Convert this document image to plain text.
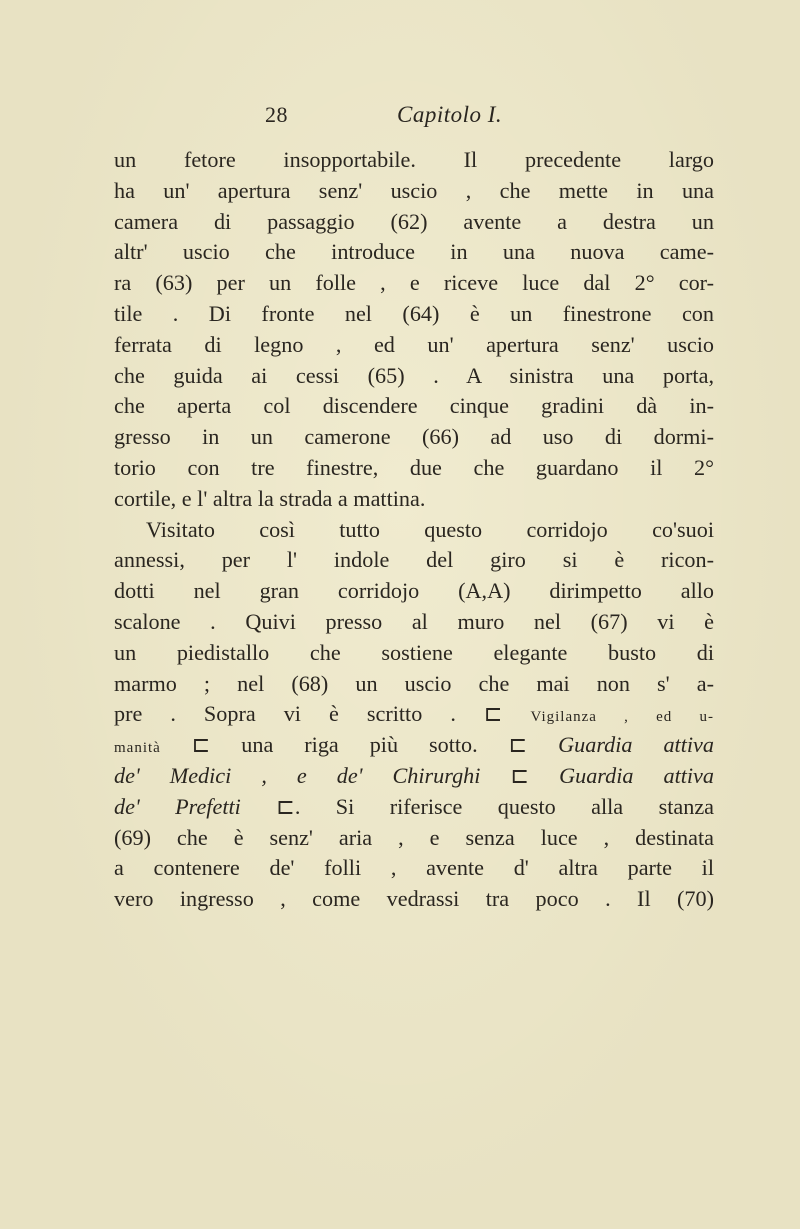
28	Capitolo I.
un fetore insopportabile. Il precedente largo
ha un' apertura senz' uscio , che mette in una
camera di passaggio (62) avente a destra un
altr' uscio che introduce in una nuova came-
ra (63) per un folle , e riceve luce dal 2° cor-
tile . Di fronte nel (64) è un finestrone con
ferrata di legno , ed un' apertura senz' uscio
che guida ai cessi (65) . A sinistra una porta,
che aperta col discendere cinque gradini dà in-
gresso in un camerone (66) ad uso di dormi-
torio con tre finestre, due che guardano il 2°
cortile, e l' altra la strada a mattina.
Visitato così tutto questo corridojo co'suoi
annessi, per l' indole del giro si è ricon-
dotti nel gran corridojo (A,A) dirimpetto allo
scalone . Quivi presso al muro nel (67) vi è
un piedistallo che sostiene elegante busto di
marmo ; nel (68) un uscio che mai non s' a-
pre . Sopra vi è scritto . ⊏ Vigilanza , ed u-
manità ⊏ una riga più sotto. ⊏ Guardia attiva
de' Medici , e de' Chirurghi ⊏ Guardia attiva
de' Prefetti ⊏. Si riferisce questo alla stanza
(69) che è senz' aria , e senza luce , destinata
a contenere de' folli , avente d' altra parte il
vero ingresso , come vedrassi tra poco . Il (70)
